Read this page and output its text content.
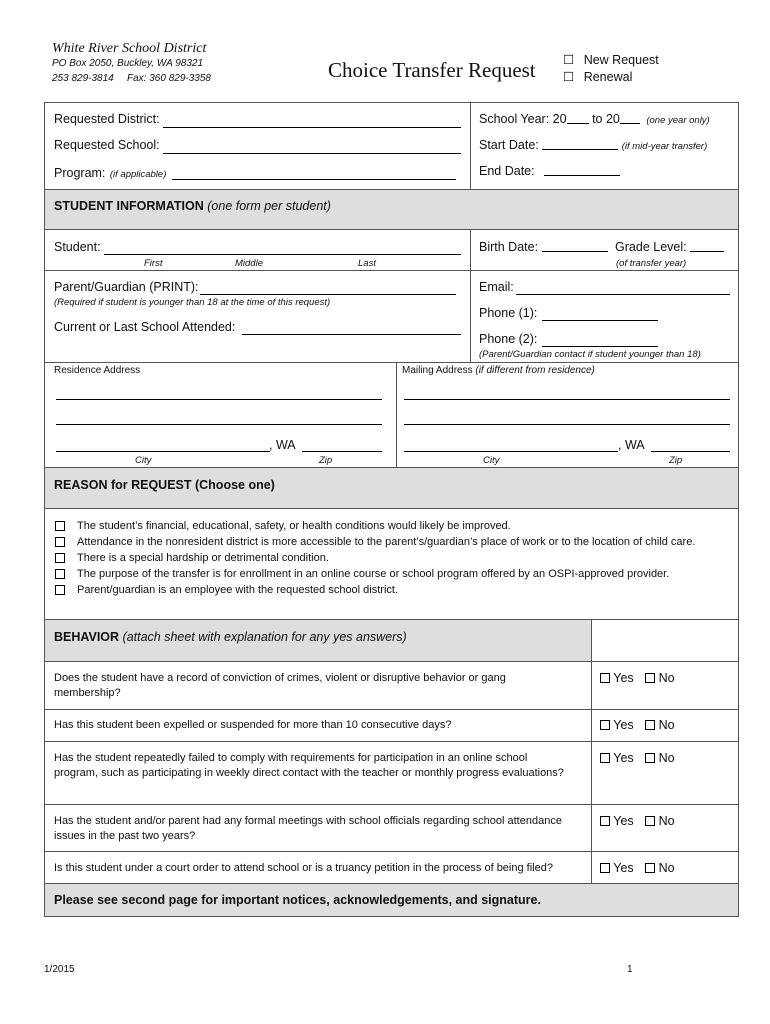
White River School District
PO Box 2050, Buckley, WA 98321
253 829-3814 Fax: 360 829-3358	Choice Transfer Request ☐ New Request
☐ Renewal
Requested District:
Requested School:
Program: (if applicable)
School Year: 20 to 20	(one year only)
Start Date:	(if mid-year transfer)
End Date:
STUDENT INFORMATION (one form per student)
Student:
First	Middle	Last
Birth Date:	Grade Level:
(of transfer year)
Parent/Guardian (PRINT):
(Required if student is younger than 18 at the time of this request)
Current or Last School Attended:
Email:
Phone (1):
Phone (2):
(Parent/Guardian contact if student younger than 18)
Residence Address	Mailing Address (if different from residence)
, WA
City	Zip
, WA
City	Zip
REASON for REQUEST (Choose one)
The student’s financial, educational, safety, or health conditions would likely be improved.
Attendance in the nonresident district is more accessible to the parent’s/guardian’s place of work or to the location of child care.
There is a special hardship or detrimental condition.
The purpose of the transfer is for enrollment in an online course or school program offered by an OSPI-approved provider.
Parent/guardian is an employee with the requested school district.
BEHAVIOR (attach sheet with explanation for any yes answers)
Does the student have a record of conviction of crimes, violent or disruptive behavior or gang membership?
Yes No
Has this student been expelled or suspended for more than 10 consecutive days?	Yes No
Has the student repeatedly failed to comply with requirements for participation in an online school program, such as participating in weekly direct contact with the teacher or monthly progress evaluations?
Yes No
Has the student and/or parent had any formal meetings with school officials regarding school attendance issues in the past two years?
Yes No
Is this student under a court order to attend school or is a truancy petition in the process of being filed?	Yes No
Please see second page for important notices, acknowledgements, and signature.
1/2015	1
